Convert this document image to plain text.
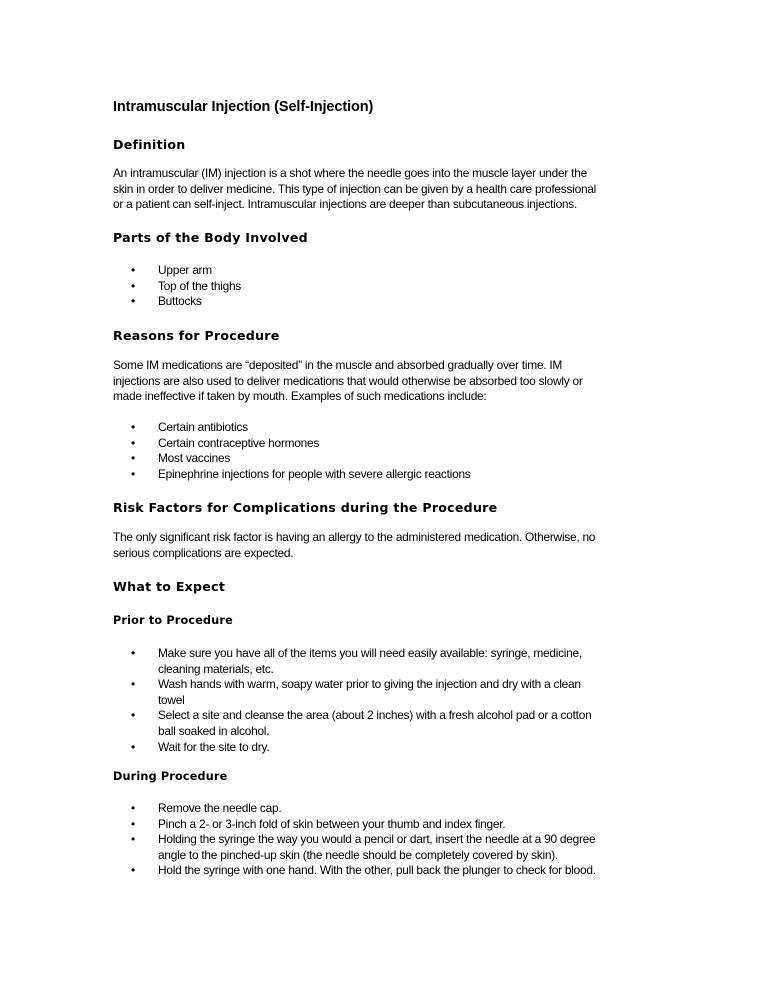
Intramuscular Injection (Self-Injection)
Definition
An intramuscular (IM) injection is a shot where the needle goes into the muscle layer under the
skin in order to deliver medicine. This type of injection can be given by a health care professional
or a patient can self-inject. Intramuscular injections are deeper than subcutaneous injections.
Parts of the Body Involved
• Upper arm
• Top of the thighs
• Buttocks
Reasons for Procedure
Some IM medications are “deposited” in the muscle and absorbed gradually over time. IM
injections are also used to deliver medications that would otherwise be absorbed too slowly or
made ineffective if taken by mouth. Examples of such medications include:
• Certain antibiotics
• Certain contraceptive hormones
• Most vaccines
• Epinephrine injections for people with severe allergic reactions
Risk Factors for Complications during the Procedure
The only significant risk factor is having an allergy to the administered medication. Otherwise, no
serious complications are expected.
What to Expect
Prior to Procedure
• Make sure you have all of the items you will need easily available: syringe, medicine,
cleaning materials, etc.
• Wash hands with warm, soapy water prior to giving the injection and dry with a clean
towel
• Select a site and cleanse the area (about 2 inches) with a fresh alcohol pad or a cotton
ball soaked in alcohol.
• Wait for the site to dry.
During Procedure
• Remove the needle cap.
• Pinch a 2- or 3-inch fold of skin between your thumb and index finger.
• Holding the syringe the way you would a pencil or dart, insert the needle at a 90 degree
angle to the pinched-up skin (the needle should be completely covered by skin).
• Hold the syringe with one hand. With the other, pull back the plunger to check for blood.
